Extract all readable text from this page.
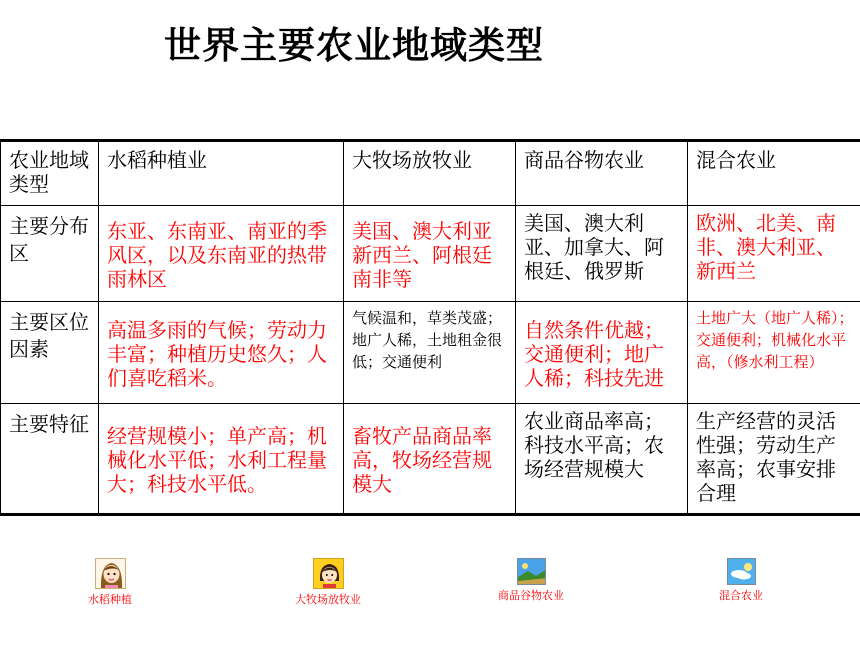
世界主要农业地域类型
农业地域类型	水稻种植业	大牧场放牧业	商品谷物农业	混合农业
主要分布区	东亚、东南亚、南亚的季风区，以及东南亚的热带雨林区	美国、澳大利亚新西兰、阿根廷南非等	美国、澳大利亚、加拿大、阿根廷、俄罗斯	欧洲、北美、南非、澳大利亚、新西兰
主要区位因素	高温多雨的气候；劳动力丰富；种植历史悠久；人们喜吃稻米。	气候温和，草类茂盛；地广人稀，土地租金很低；交通便利	自然条件优越；交通便利；地广人稀；科技先进	土地广大（地广人稀）；交通便利；机械化水平高，（修水利工程）
主要特征	经营规模小；单产高；机械化水平低；水利工程量大；科技水平低。	畜牧产品商品率高，牧场经营规模大	农业商品率高；科技水平高；农场经营规模大	生产经营的灵活性强；劳动生产率高；农事安排合理
水稻种植	大牧场放牧业	商品谷物农业	混合农业
